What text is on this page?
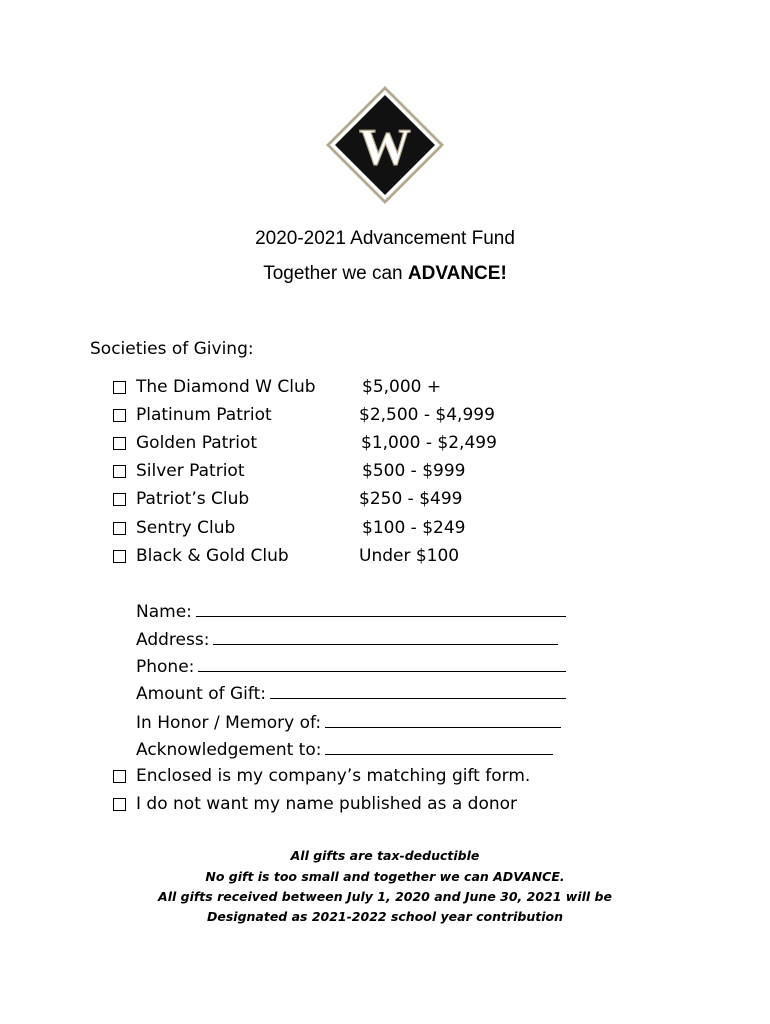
W
2020-2021 Advancement Fund
Together we can ADVANCE!
Societies of Giving:
The Diamond W Club	$5,000 +
Platinum Patriot	$2,500 - $4,999
Golden Patriot	$1,000 - $2,499
Silver Patriot	$500 - $999
Patriot’s Club	$250 - $499
Sentry Club	$100 - $249
Black & Gold Club	Under $100
Name:
Address:
Phone:
Amount of Gift:
In Honor / Memory of:
Acknowledgement to:
Enclosed is my company’s matching gift form.
I do not want my name published as a donor
All gifts are tax-deductible
No gift is too small and together we can ADVANCE.
All gifts received between July 1, 2020 and June 30, 2021 will be
Designated as 2021-2022 school year contribution
